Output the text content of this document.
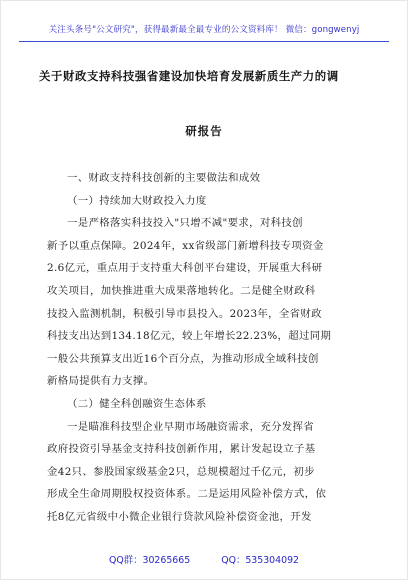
关注头条号"公文研究"，获得最新最全最专业的公文资料库！ 微信：gongwenyj
关于财政支持科技强省建设加快培育发展新质生产力的调
研报告
一、财政支持科技创新的主要做法和成效
（一）持续加大财政投入力度
一是严格落实科技投入"只增不减"要求，对科技创
新予以重点保障。2024年，xx省级部门新增科技专项资金
2.6亿元，重点用于支持重大科创平台建设，开展重大科研
攻关项目，加快推进重大成果落地转化。二是健全财政科
技投入监测机制，积极引导市县投入。2023年，全省财政
科技支出达到134.18亿元，较上年增长22.23%，超过同期
一般公共预算支出近16个百分点，为推动形成全域科技创
新格局提供有力支撑。
（二）健全科创融资生态体系
一是瞄准科技型企业早期市场融资需求，充分发挥省
政府投资引导基金支持科技创新作用，累计发起设立子基
金42只、参股国家级基金2只，总规模超过千亿元，初步
形成全生命周期股权投资体系。二是运用风险补偿方式，依
托8亿元省级中小微企业银行贷款风险补偿资金池，开发
QQ群：30265665	QQ：535304092
